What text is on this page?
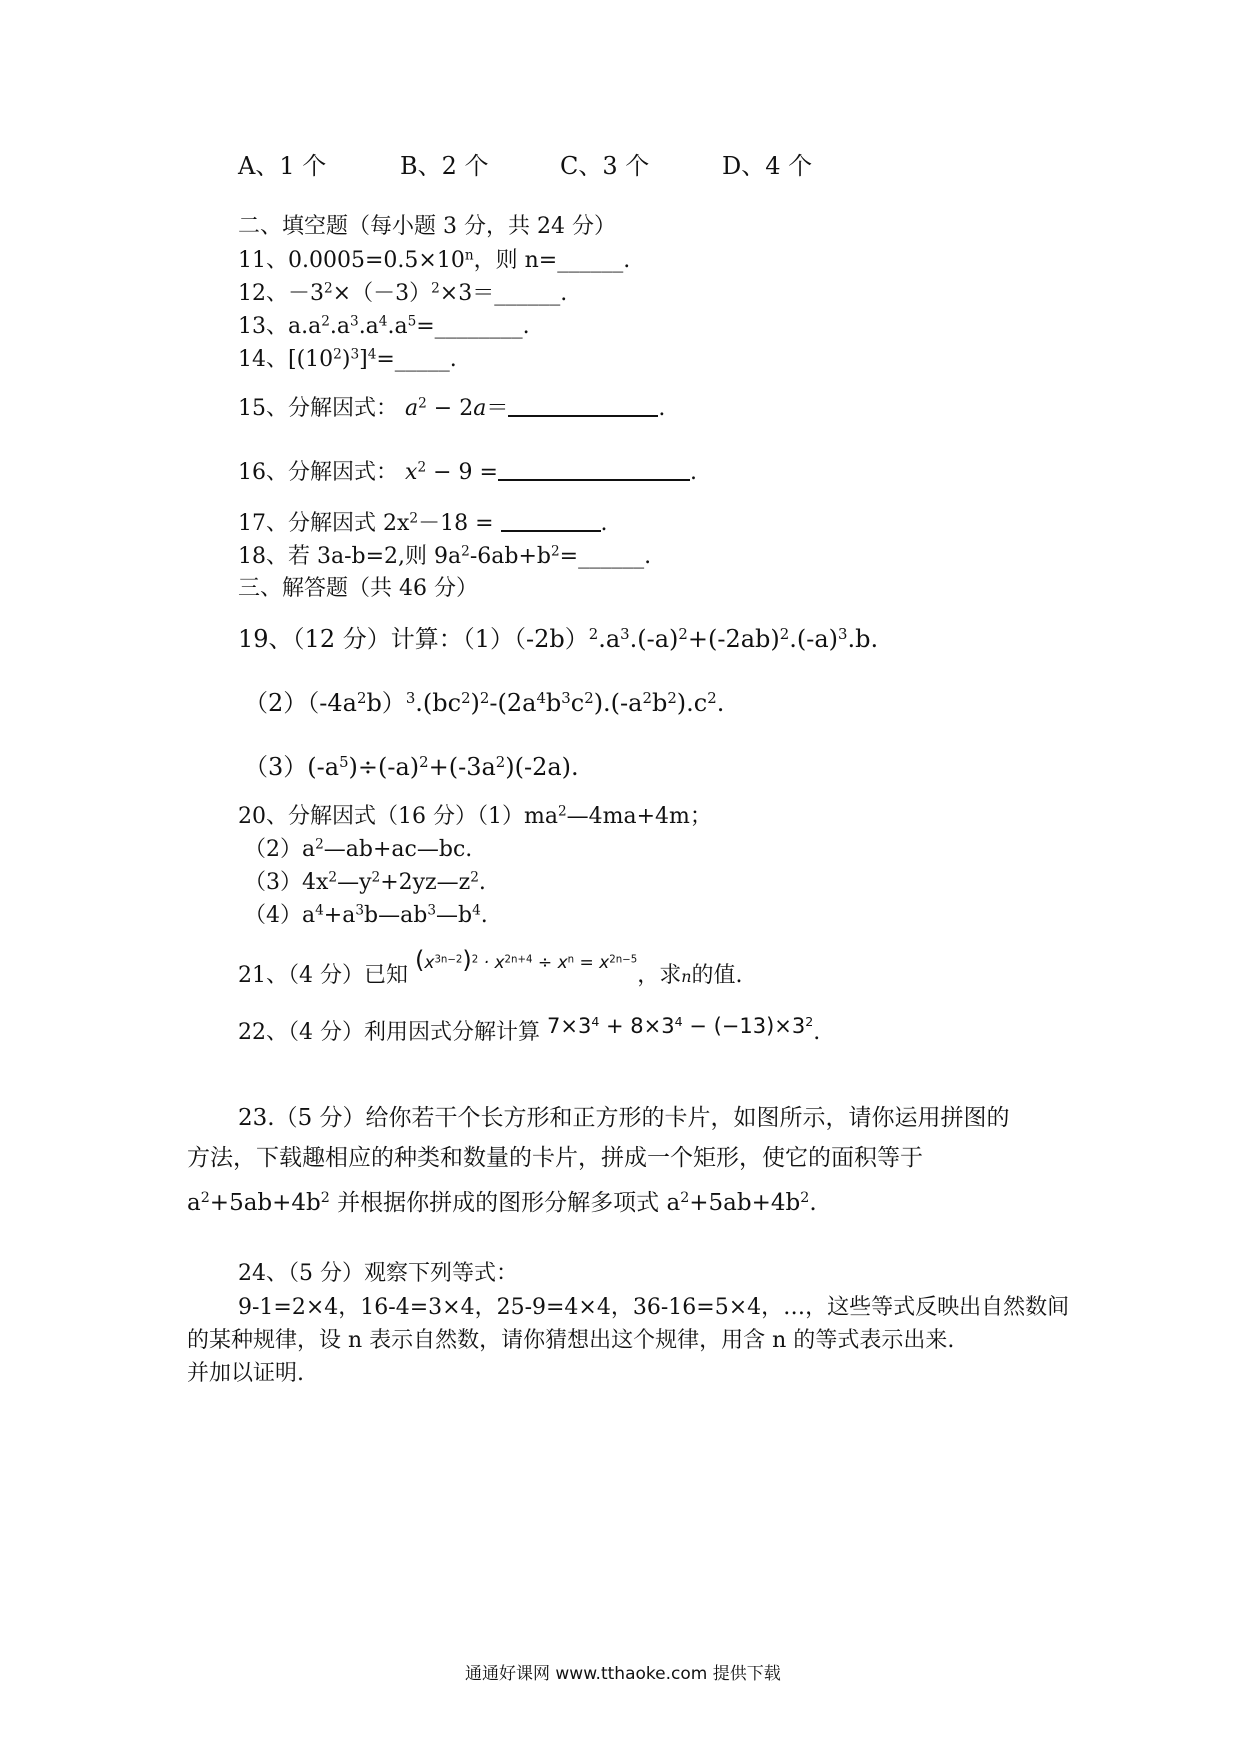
A、1 个	B、2 个	C、3 个	D、4 个
二、填空题（每小题 3 分，共 24 分）
11、$0.0005=0.5\times 10^n$，则 n=______.
12、$-3^2\times(-3)^2\times 3=\_\_\_\_\_\_$.
13、$a.a^2.a^3.a^4.a^5=\_\_\_\_\_\_\_\_$.
14、$[(10^2)^3]^4=\_\_\_\_\_$.
15、分解因式： $a^2 - 2a=$	.
16、分解因式： $x^2 - 9$ =	.
17、分解因式 $2x^2-18$ =	.
18、若 3a-b=2,则 $9a^2-6ab+b^2=\_\_\_\_\_\_$.
三、解答题（共 46 分）
19、（12 分）计算：$(1)(-2b)^2.a^3.(-a)^2+(-2ab)^2.(-a)^3.b$.
$(2)(-4a^2b)^3.(bc^2)^2-(2a^4b^3c^2).(-a^2b^2).c^2$.
$(3)(-a^5)\div(-a)^2+(-3a^2)(-2a)$.
20、分解因式（16 分）$(1)ma^2—4ma+4m$；
$(2)a^2—ab+ac—bc$.
$(3)4x^2—y^2+2yz—z^2$.
$(4)a^4+a^3b—ab^3—b^4$.
21、（4 分）已知 $^{(x^{3n-2})^2 \cdot x^{2n+4} \div x^n = x^{2n-5}}$，求n的值.
22、（4 分）利用因式分解计算 $7\times 3^4 + 8\times 3^4 - (-13)\times 3^2$.
23.（5 分）给你若干个长方形和正方形的卡片，如图所示，请你运用拼图的
方法，下载趣相应的种类和数量的卡片，拼成一个矩形，使它的面积等于
$a^2+5ab+4b^2$ 并根据你拼成的图形分解多项式 $a^2+5ab+4b^2$.
24、（5 分）观察下列等式：
9-1=2×4，16-4=3×4，25-9=4×4，36-16=5×4，…，这些等式反映出自然数间
的某种规律，设 n 表示自然数，请你猜想出这个规律，用含 n 的等式表示出来.
并加以证明.
通通好课网 www.tthaoke.com 提供下载
